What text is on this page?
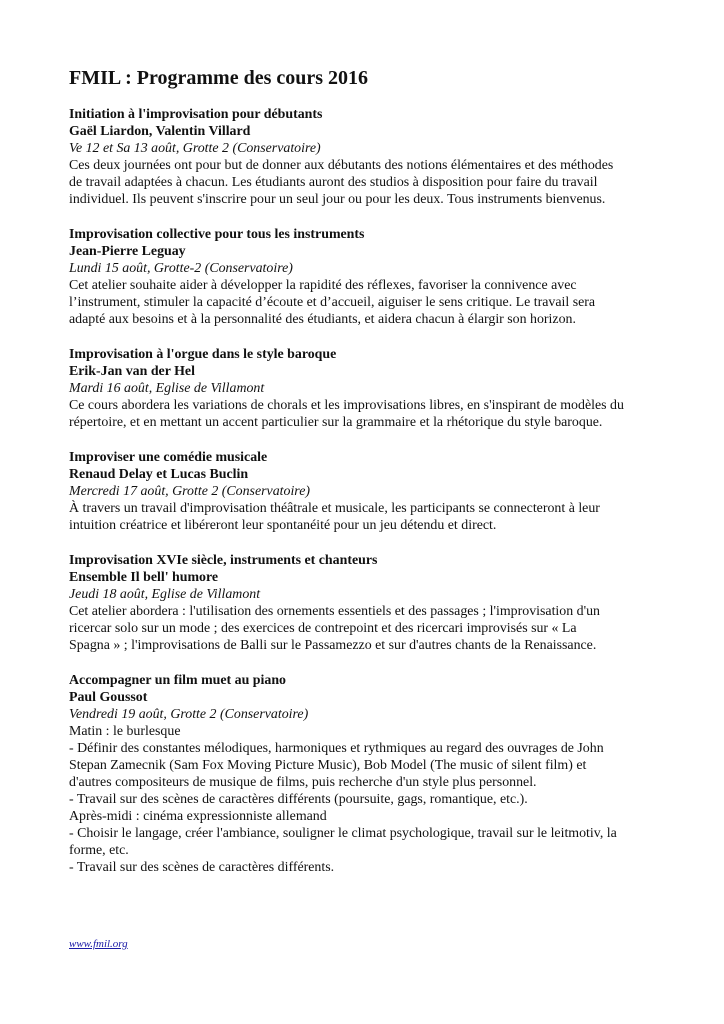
FMIL : Programme des cours 2016
Initiation à l'improvisation pour débutants
Gaël Liardon, Valentin Villard
Ve 12 et Sa 13 août, Grotte 2 (Conservatoire)
Ces deux journées ont pour but de donner aux débutants des notions élémentaires et des méthodes
de travail adaptées à chacun. Les étudiants auront des studios à disposition pour faire du travail
individuel. Ils peuvent s'inscrire pour un seul jour ou pour les deux. Tous instruments bienvenus.
Improvisation collective pour tous les instruments
Jean-Pierre Leguay
Lundi 15 août, Grotte-2 (Conservatoire)
Cet atelier souhaite aider à développer la rapidité des réflexes, favoriser la connivence avec
l’instrument, stimuler la capacité d’écoute et d’accueil, aiguiser le sens critique. Le travail sera
adapté aux besoins et à la personnalité des étudiants, et aidera chacun à élargir son horizon.
Improvisation à l'orgue dans le style baroque
Erik-Jan van der Hel
Mardi 16 août, Eglise de Villamont
Ce cours abordera les variations de chorals et les improvisations libres, en s'inspirant de modèles du
répertoire, et en mettant un accent particulier sur la grammaire et la rhétorique du style baroque.
Improviser une comédie musicale
Renaud Delay et Lucas Buclin
Mercredi 17 août, Grotte 2 (Conservatoire)
À travers un travail d'improvisation théâtrale et musicale, les participants se connecteront à leur
intuition créatrice et libéreront leur spontanéité pour un jeu détendu et direct.
Improvisation XVIe siècle, instruments et chanteurs
Ensemble Il bell' humore
Jeudi 18 août, Eglise de Villamont
Cet atelier abordera : l'utilisation des ornements essentiels et des passages ; l'improvisation d'un
ricercar solo sur un mode ; des exercices de contrepoint et des ricercari improvisés sur « La
Spagna » ; l'improvisations de Balli sur le Passamezzo et sur d'autres chants de la Renaissance.
Accompagner un film muet au piano
Paul Goussot
Vendredi 19 août, Grotte 2 (Conservatoire)
Matin : le burlesque
- Définir des constantes mélodiques, harmoniques et rythmiques au regard des ouvrages de John
Stepan Zamecnik (Sam Fox Moving Picture Music), Bob Model (The music of silent film) et
d'autres compositeurs de musique de films, puis recherche d'un style plus personnel.
- Travail sur des scènes de caractères différents (poursuite, gags, romantique, etc.).
Après-midi : cinéma expressionniste allemand
- Choisir le langage, créer l'ambiance, souligner le climat psychologique, travail sur le leitmotiv, la
forme, etc.
- Travail sur des scènes de caractères différents.
www.fmil.org
